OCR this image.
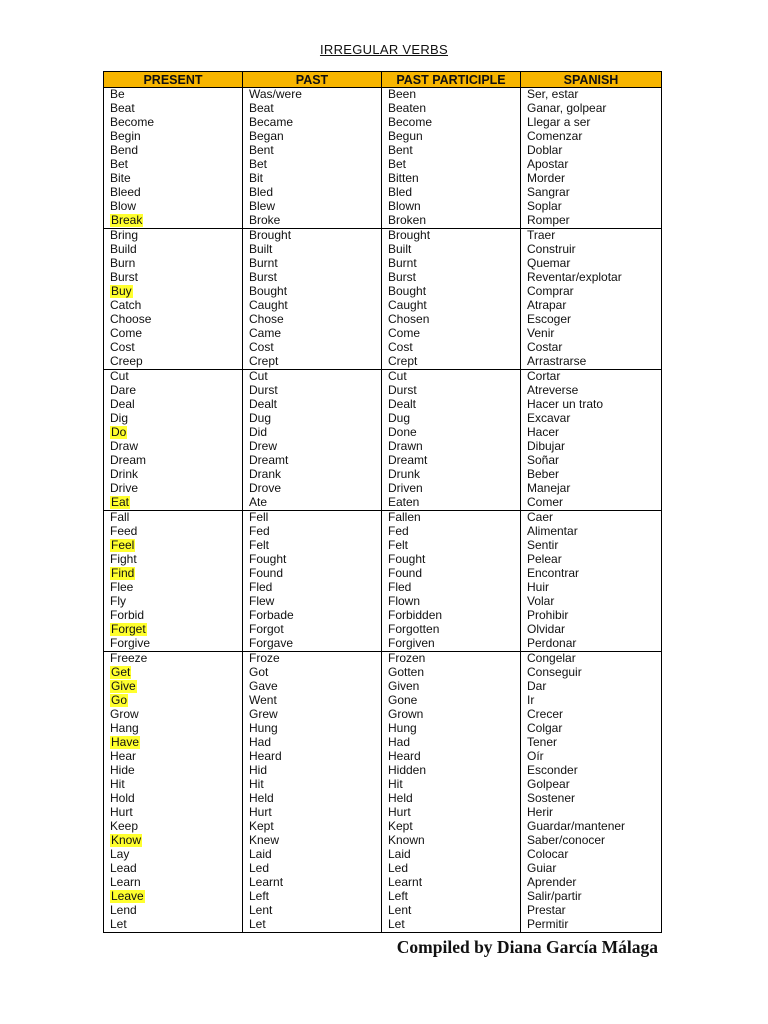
IRREGULAR VERBS
PRESENT	PAST	PAST PARTICIPLE	SPANISH
Be	Was/were	Been	Ser, estar
Beat	Beat	Beaten	Ganar, golpear
Become	Became	Become	Llegar a ser
Begin	Began	Begun	Comenzar
Bend	Bent	Bent	Doblar
Bet	Bet	Bet	Apostar
Bite	Bit	Bitten	Morder
Bleed	Bled	Bled	Sangrar
Blow	Blew	Blown	Soplar
Break	Broke	Broken	Romper
Bring	Brought	Brought	Traer
Build	Built	Built	Construir
Burn	Burnt	Burnt	Quemar
Burst	Burst	Burst	Reventar/explotar
Buy	Bought	Bought	Comprar
Catch	Caught	Caught	Atrapar
Choose	Chose	Chosen	Escoger
Come	Came	Come	Venir
Cost	Cost	Cost	Costar
Creep	Crept	Crept	Arrastrarse
Cut	Cut	Cut	Cortar
Dare	Durst	Durst	Atreverse
Deal	Dealt	Dealt	Hacer un trato
Dig	Dug	Dug	Excavar
Do	Did	Done	Hacer
Draw	Drew	Drawn	Dibujar
Dream	Dreamt	Dreamt	Soñar
Drink	Drank	Drunk	Beber
Drive	Drove	Driven	Manejar
Eat	Ate	Eaten	Comer
Fall	Fell	Fallen	Caer
Feed	Fed	Fed	Alimentar
Feel	Felt	Felt	Sentir
Fight	Fought	Fought	Pelear
Find	Found	Found	Encontrar
Flee	Fled	Fled	Huir
Fly	Flew	Flown	Volar
Forbid	Forbade	Forbidden	Prohibir
Forget	Forgot	Forgotten	Olvidar
Forgive	Forgave	Forgiven	Perdonar
Freeze	Froze	Frozen	Congelar
Get	Got	Gotten	Conseguir
Give	Gave	Given	Dar
Go	Went	Gone	Ir
Grow	Grew	Grown	Crecer
Hang	Hung	Hung	Colgar
Have	Had	Had	Tener
Hear	Heard	Heard	Oír
Hide	Hid	Hidden	Esconder
Hit	Hit	Hit	Golpear
Hold	Held	Held	Sostener
Hurt	Hurt	Hurt	Herir
Keep	Kept	Kept	Guardar/mantener
Know	Knew	Known	Saber/conocer
Lay	Laid	Laid	Colocar
Lead	Led	Led	Guiar
Learn	Learnt	Learnt	Aprender
Leave	Left	Left	Salir/partir
Lend	Lent	Lent	Prestar
Let	Let	Let	Permitir
Compiled by Diana García Málaga
